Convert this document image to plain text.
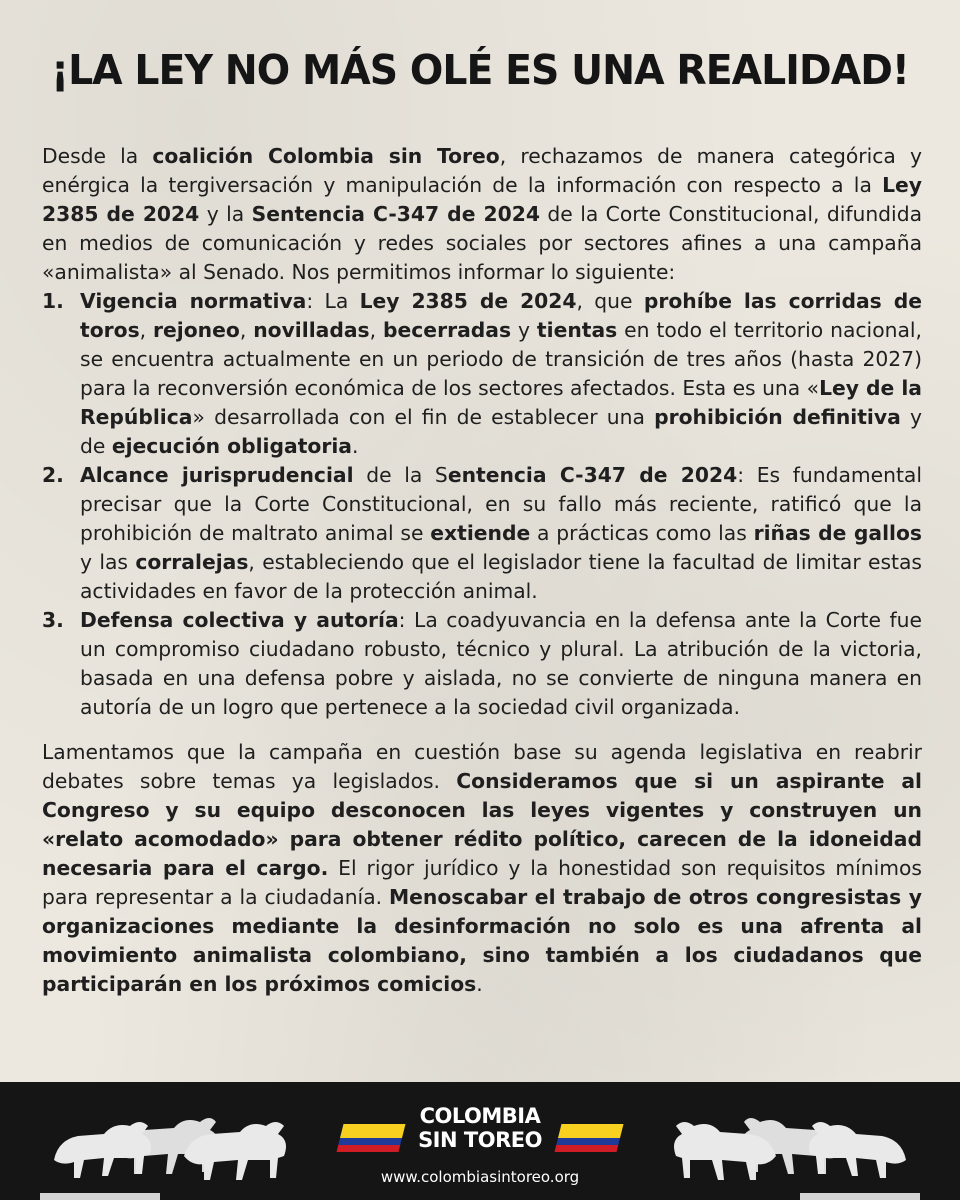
¡LA LEY NO MÁS OLÉ ES UNA REALIDAD!

Desde la coalición Colombia sin Toreo, rechazamos de manera categórica y enérgica la tergiversación y manipulación de la información con respecto a la Ley 2385 de 2024 y la Sentencia C-347 de 2024 de la Corte Constitucional, difundida en medios de comunicación y redes sociales por sectores afines a una campaña «animalista» al Senado. Nos permitimos informar lo siguiente:

1. Vigencia normativa: La Ley 2385 de 2024, que prohíbe las corridas de toros, rejoneo, novilladas, becerradas y tientas en todo el territorio nacional, se encuentra actualmente en un periodo de transición de tres años (hasta 2027) para la reconversión económica de los sectores afectados. Esta es una «Ley de la República» desarrollada con el fin de establecer una prohibición definitiva y de ejecución obligatoria.
2. Alcance jurisprudencial de la Sentencia C-347 de 2024: Es fundamental precisar que la Corte Constitucional, en su fallo más reciente, ratificó que la prohibición de maltrato animal se extiende a prácticas como las riñas de gallos y las corralejas, estableciendo que el legislador tiene la facultad de limitar estas actividades en favor de la protección animal.
3. Defensa colectiva y autoría: La coadyuvancia en la defensa ante la Corte fue un compromiso ciudadano robusto, técnico y plural. La atribución de la victoria, basada en una defensa pobre y aislada, no se convierte de ninguna manera en autoría de un logro que pertenece a la sociedad civil organizada.

Lamentamos que la campaña en cuestión base su agenda legislativa en reabrir debates sobre temas ya legislados. Consideramos que si un aspirante al Congreso y su equipo desconocen las leyes vigentes y construyen un «relato acomodado» para obtener rédito político, carecen de la idoneidad necesaria para el cargo. El rigor jurídico y la honestidad son requisitos mínimos para representar a la ciudadanía. Menoscabar el trabajo de otros congresistas y organizaciones mediante la desinformación no solo es una afrenta al movimiento animalista colombiano, sino también a los ciudadanos que participarán en los próximos comicios.

COLOMBIA
SIN TOREO
www.colombiasintoreo.org
